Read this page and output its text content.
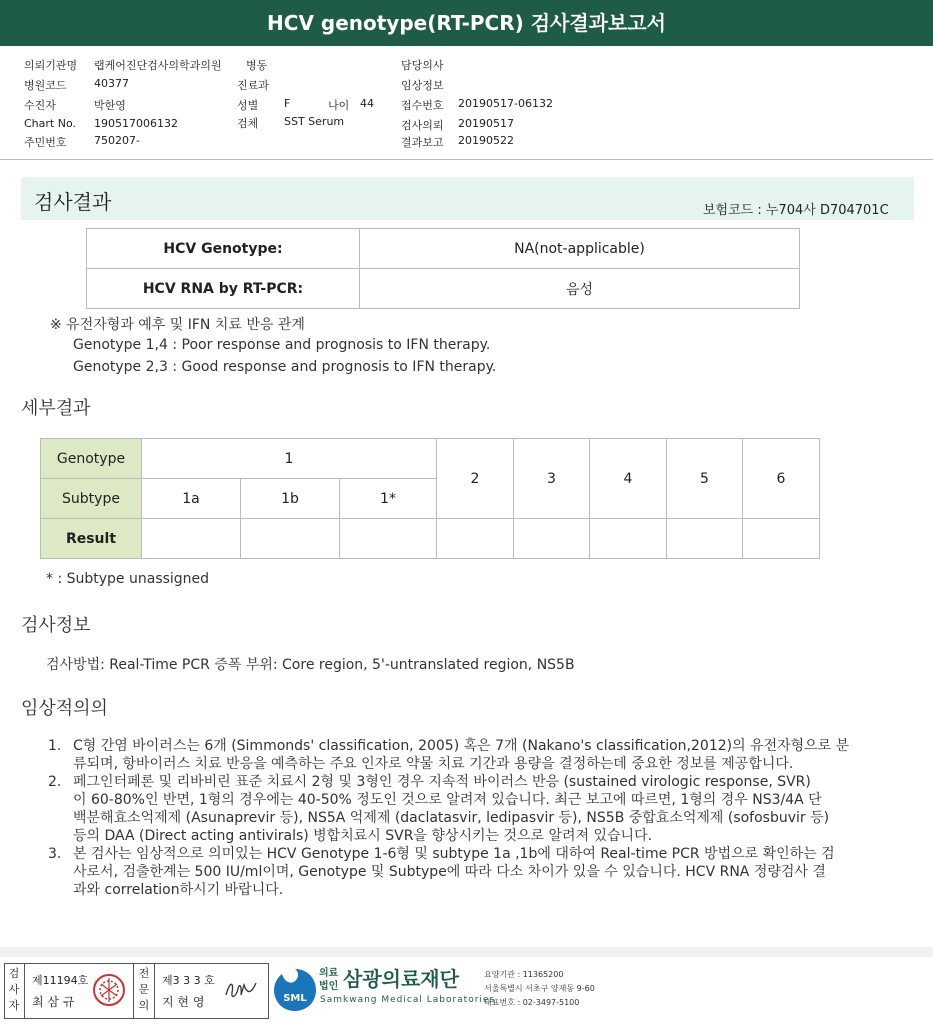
HCV genotype(RT-PCR) 검사결과보고서
의뢰기관명 랩케어진단검사의학과의원 병동	담당의사
병원코드 40377	진료과	임상정보
수진자	박한영	성별 F	나이 44 접수번호 20190517-06132
Chart No. 190517006132	검체 SST Serum	검사의뢰 20190517
주민번호 750207-	결과보고 20190522
검사결과	보험코드 : 누704사 D704701C
HCV Genotype:	NA(not-applicable)
HCV RNA by RT-PCR:	음성
※ 유전자형과 예후 및 IFN 치료 반응 관계
Genotype 1,4 : Poor response and prognosis to IFN therapy.
Genotype 2,3 : Good response and prognosis to IFN therapy.
세부결과
Genotype	1			2	3	4	5	6
Subtype	1a	1b	1*					
Result								
* : Subtype unassigned
검사정보
검사방법: Real-Time PCR 증폭 부위: Core region, 5'-untranslated region, NS5B
임상적의의
1. C형 간염 바이러스는 6개 (Simmonds' classification, 2005) 혹은 7개 (Nakano's classification,2012)의 유전자형으로 분
류되며, 항바이러스 치료 반응을 예측하는 주요 인자로 약물 치료 기간과 용량을 결정하는데 중요한 정보를 제공합니다.
2. 페그인터페론 및 리바비린 표준 치료시 2형 및 3형인 경우 지속적 바이러스 반응 (sustained virologic response, SVR)
이 60-80%인 반면, 1형의 경우에는 40-50% 정도인 것으로 알려져 있습니다. 최근 보고에 따르면, 1형의 경우 NS3/4A 단
백분해효소억제제 (Asunaprevir 등), NS5A 억제제 (daclatasvir, ledipasvir 등), NS5B 중합효소억제제 (sofosbuvir 등)
등의 DAA (Direct acting antivirals) 병합치료시 SVR을 향상시키는 것으로 알려져 있습니다.
3. 본 검사는 임상적으로 의미있는 HCV Genotype 1-6형 및 subtype 1a ,1b에 대하여 Real-time PCR 방법으로 확인하는 검
사로서, 검출한계는 500 IU/ml이며, Genotype 및 Subtype에 따라 다소 차이가 있을 수 있습니다. HCV RNA 정량검사 결
과와 correlation하시기 바랍니다.
검
사
자
제11194호
최 삼 규
전
문
의
제3 3 3 호
지 현 영	SML
의료
법인 삼광의료재단
Samkwang Medical Laboratories
요양기관 : 11365200
서울특별시 서초구 양재동 9-60
대표번호 : 02-3497-5100
